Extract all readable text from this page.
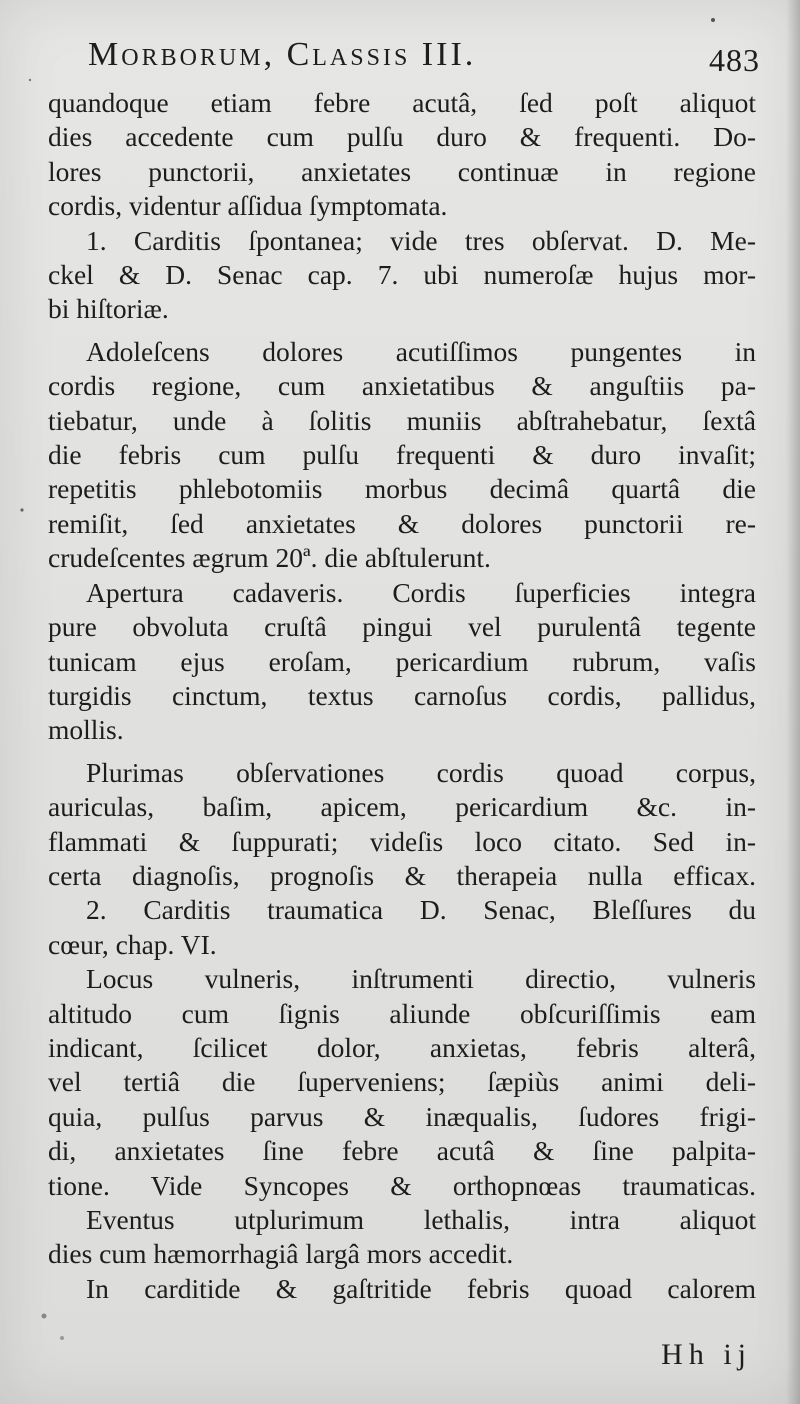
Morborum, Classis III.	483
quandoque etiam febre acutâ, ſed poſt aliquot
dies accedente cum pulſu duro & frequenti. Do-
lores punctorii, anxietates continuæ in regione
cordis, videntur aſſidua ſymptomata.
1. Carditis ſpontanea; vide tres obſervat. D. Me-
ckel & D. Senac cap. 7. ubi numeroſæ hujus mor-
bi hiſtoriæ.
Adoleſcens dolores acutiſſimos pungentes in
cordis regione, cum anxietatibus & anguſtiis pa-
tiebatur, unde à ſolitis muniis abſtrahebatur, ſextâ
die febris cum pulſu frequenti & duro invaſit;
repetitis phlebotomiis morbus decimâ quartâ die
remiſit, ſed anxietates & dolores punctorii re-
crudeſcentes ægrum 20ª. die abſtulerunt.
Apertura cadaveris. Cordis ſuperficies integra
pure obvoluta cruſtâ pingui vel purulentâ tegente
tunicam ejus eroſam, pericardium rubrum, vaſis
turgidis cinctum, textus carnoſus cordis, pallidus,
mollis.
Plurimas obſervationes cordis quoad corpus,
auriculas, baſim, apicem, pericardium &c. in-
flammati & ſuppurati; videſis loco citato. Sed in-
certa diagnoſis, prognoſis & therapeia nulla efficax.
2. Carditis traumatica D. Senac, Bleſſures du
cœur, chap. VI.
Locus vulneris, inſtrumenti directio, vulneris
altitudo cum ſignis aliunde obſcuriſſimis eam
indicant, ſcilicet dolor, anxietas, febris alterâ,
vel tertiâ die ſuperveniens; ſæpiùs animi deli-
quia, pulſus parvus & inæqualis, ſudores frigi-
di, anxietates ſine febre acutâ & ſine palpita-
tione. Vide Syncopes & orthopnœas traumaticas.
Eventus utplurimum lethalis, intra aliquot
dies cum hæmorrhagiâ largâ mors accedit.
In carditide & gaſtritide febris quoad calorem
Hh ij
